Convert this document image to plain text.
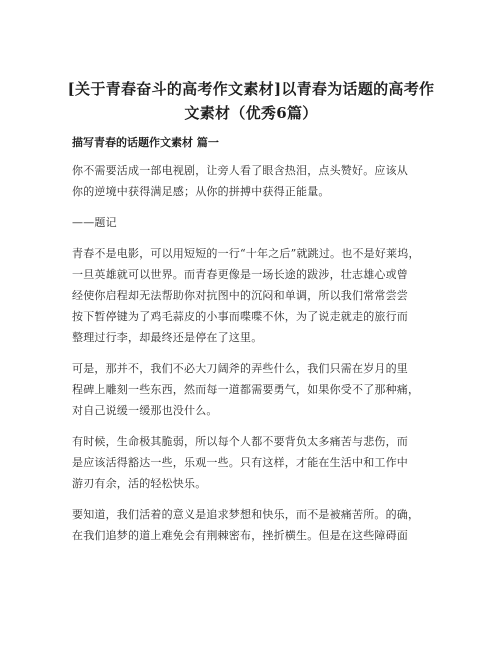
[关于青春奋斗的高考作文素材]以青春为话题的高考作
文素材（优秀6篇）
描写青春的话题作文素材 篇一
你不需要活成一部电视剧，让旁人看了眼含热泪，点头赞好。应该从
你的逆境中获得满足感；从你的拼搏中获得正能量。
——题记
青春不是电影，可以用短短的一行“十年之后”就跳过。也不是好莱坞，
一旦英雄就可以世界。而青春更像是一场长途的跋涉，壮志雄心或曾
经使你启程却无法帮助你对抗图中的沉闷和单调，所以我们常常尝尝
按下暂停键为了鸡毛蒜皮的小事而喋喋不休，为了说走就走的旅行而
整理过行李，却最终还是停在了这里。
可是，那并不，我们不必大刀阔斧的弄些什么，我们只需在岁月的里
程碑上雕刻一些东西，然而每一道都需要勇气，如果你受不了那种痛，
对自己说缓一缓那也没什么。
有时候，生命极其脆弱，所以每个人都不要背负太多痛苦与悲伤，而
是应该活得豁达一些，乐观一些。只有这样，才能在生活中和工作中
游刃有余，活的轻松快乐。
要知道，我们活着的意义是追求梦想和快乐，而不是被痛苦所。的确，
在我们追梦的道上难免会有荆棘密布，挫折横生。但是在这些障碍面
